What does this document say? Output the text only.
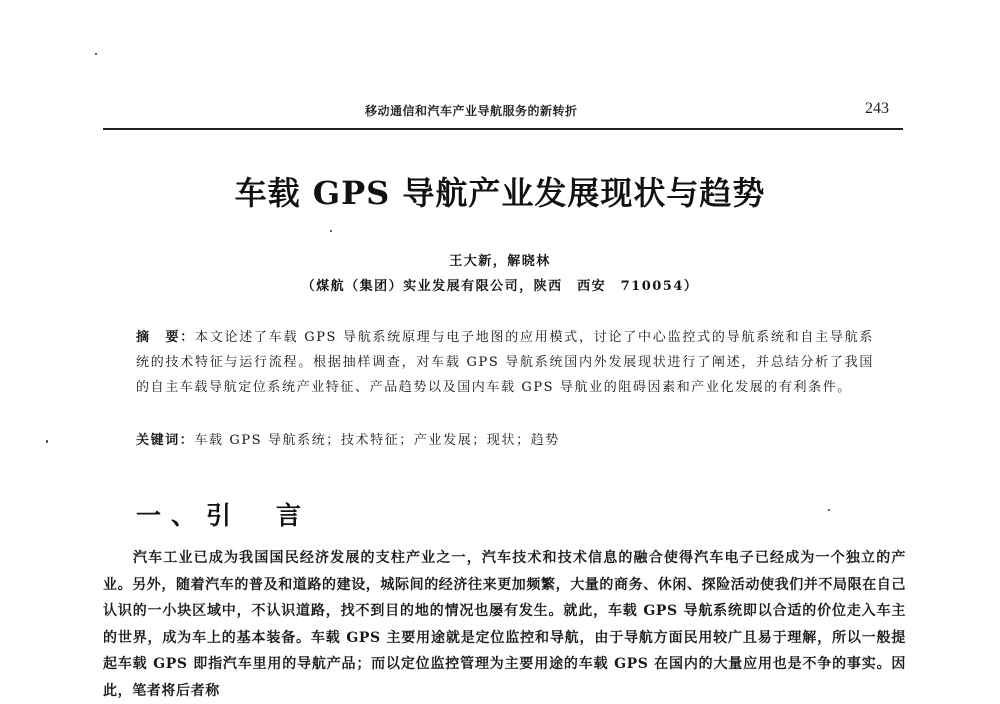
移动通信和汽车产业导航服务的新转折	243
车载 GPS 导航产业发展现状与趋势
王大新，解晓林
（煤航（集团）实业发展有限公司，陕西　西安　710054）
摘　要：本文论述了车载 GPS 导航系统原理与电子地图的应用模式，讨论了中心监控式的导航系统和自主导航系统的技术特征与运行流程。根据抽样调查，对车载 GPS 导航系统国内外发展现状进行了阐述，并总结分析了我国的自主车载导航定位系统产业特征、产品趋势以及国内车载 GPS 导航业的阻碍因素和产业化发展的有利条件。
关键词：车载 GPS 导航系统；技术特征；产业发展；现状；趋势
一、引　言
汽车工业已成为我国国民经济发展的支柱产业之一，汽车技术和技术信息的融合使得汽车电子已经成为一个独立的产业。另外，随着汽车的普及和道路的建设，城际间的经济往来更加频繁，大量的商务、休闲、探险活动使我们并不局限在自己认识的一小块区域中，不认识道路，找不到目的地的情况也屡有发生。就此，车载 GPS 导航系统即以合适的价位走入车主的世界，成为车上的基本装备。车载 GPS 主要用途就是定位监控和导航，由于导航方面民用较广且易于理解，所以一般提起车载 GPS 即指汽车里用的导航产品；而以定位监控管理为主要用途的车载 GPS 在国内的大量应用也是不争的事实。因此，笔者将后者称
